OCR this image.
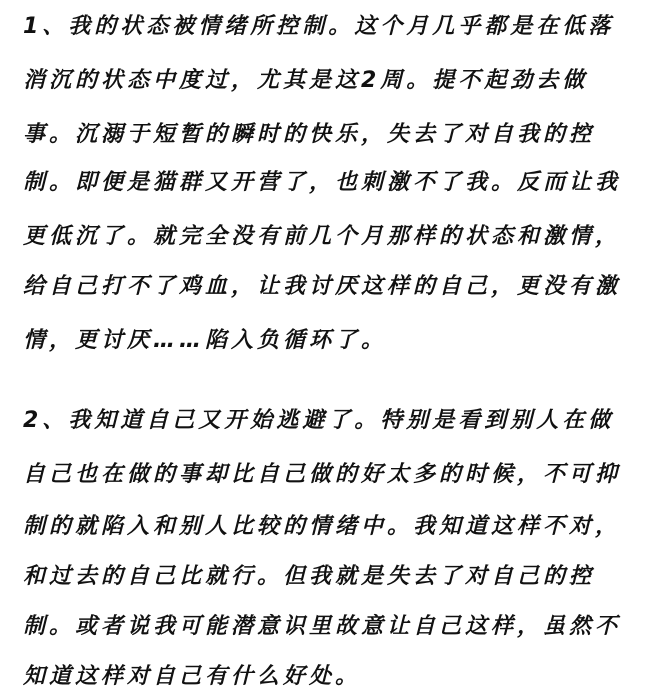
1、我的状态被情绪所控制。这个月几乎都是在低落
消沉的状态中度过，尤其是这2周。提不起劲去做
事。沉溺于短暂的瞬时的快乐，失去了对自我的控
制。即便是猫群又开营了，也刺激不了我。反而让我
更低沉了。就完全没有前几个月那样的状态和激情，
给自己打不了鸡血，让我讨厌这样的自己，更没有激
情，更讨厌……陷入负循环了。
2、我知道自己又开始逃避了。特别是看到别人在做
自己也在做的事却比自己做的好太多的时候，不可抑
制的就陷入和别人比较的情绪中。我知道这样不对，
和过去的自己比就行。但我就是失去了对自己的控
制。或者说我可能潜意识里故意让自己这样，虽然不
知道这样对自己有什么好处。
